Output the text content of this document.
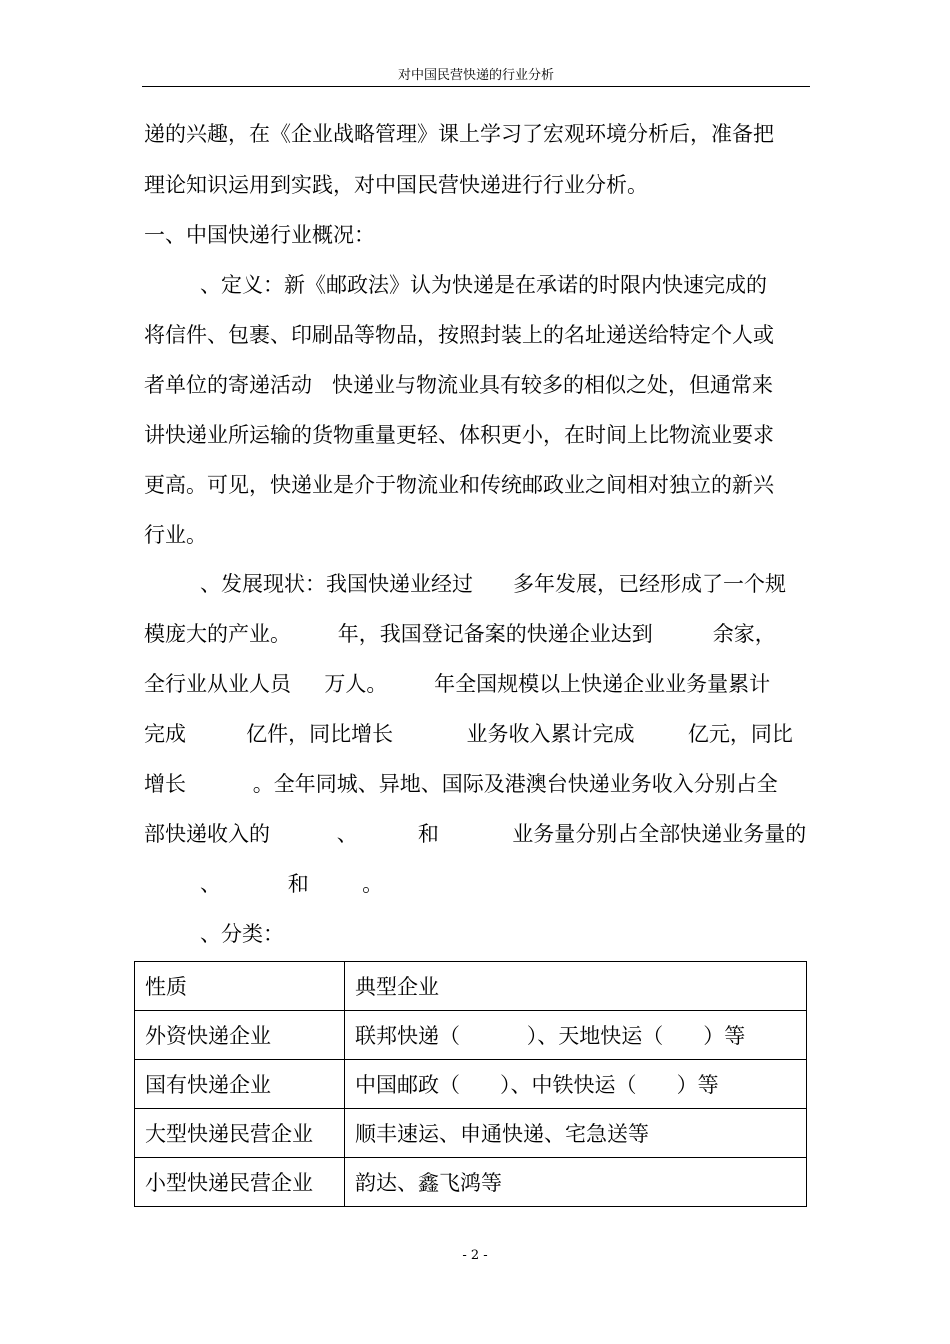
对中国民营快递的行业分析
递的兴趣，在《企业战略管理》课上学习了宏观环境分析后，准备把
理论知识运用到实践，对中国民营快递进行行业分析。
一、中国快递行业概况：
、定义：新《邮政法》认为快递是在承诺的时限内快速完成的
将信件、包裹、印刷品等物品，按照封装上的名址递送给特定个人或
者单位的寄递活动   快递业与物流业具有较多的相似之处，但通常来
讲快递业所运输的货物重量更轻、体积更小，在时间上比物流业要求
更高。可见，快递业是介于物流业和传统邮政业之间相对独立的新兴
行业。
、发展现状：我国快递业经过      多年发展，已经形成了一个规
模庞大的产业。       年，我国登记备案的快递企业达到         余家，
全行业从业人员     万人。       年全国规模以上快递企业业务量累计
完成         亿件，同比增长           业务收入累计完成        亿元，同比
增长          。全年同城、异地、国际及港澳台快递业务收入分别占全
部快递收入的          、         和           业务量分别占全部快递业务量的
、          和        。
、分类：
性质	典型企业
外资快递企业	联邦快递（          ）、天地快运（      ）等
国有快递企业	中国邮政（      ）、中铁快运（      ）等
大型快递民营企业	顺丰速运、申通快递、宅急送等
小型快递民营企业	韵达、鑫飞鸿等
- 2 -
